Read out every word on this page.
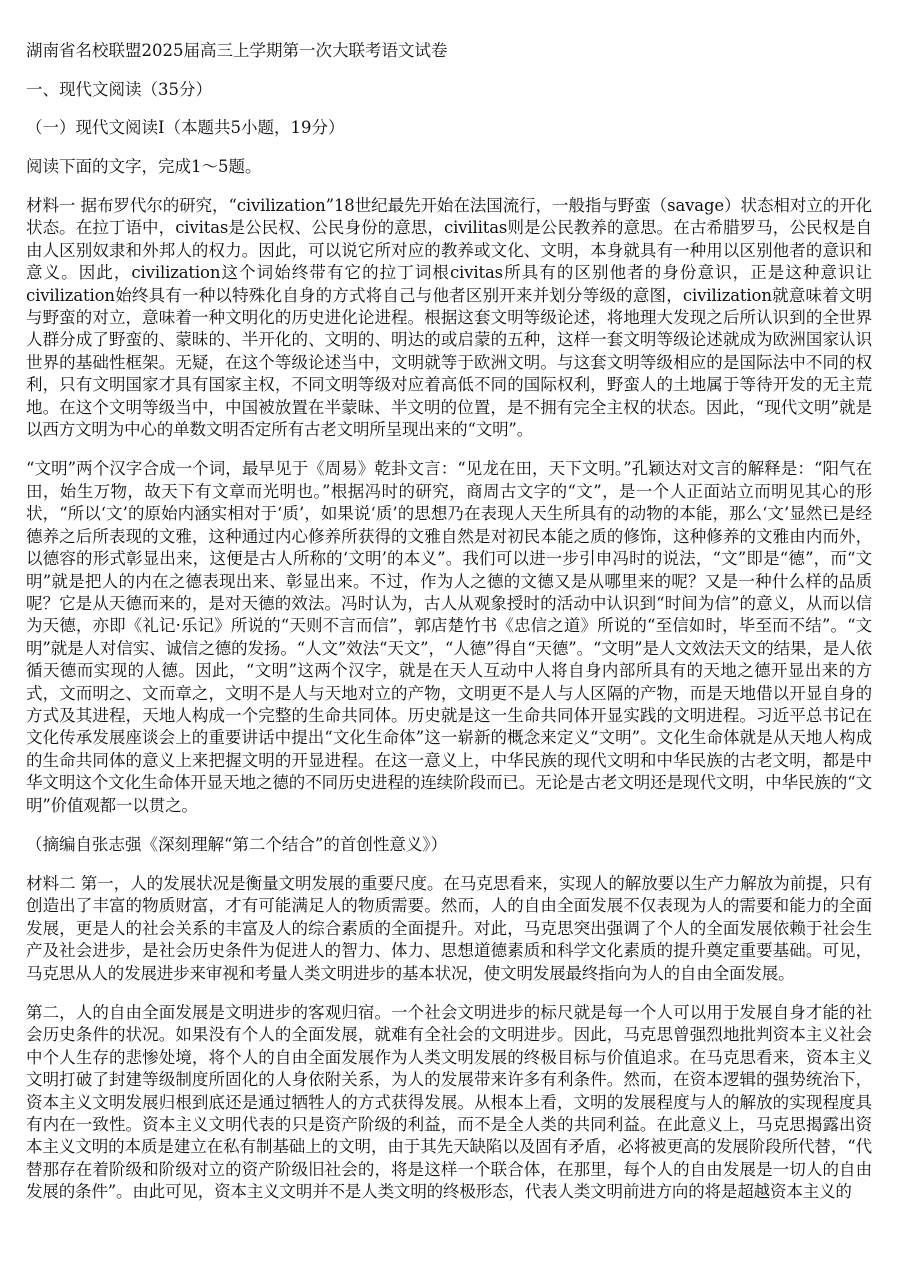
湖南省名校联盟2025届高三上学期第一次大联考语文试卷

一、现代文阅读（35分）

（一）现代文阅读I（本题共5小题，19分）

阅读下面的文字，完成1～5题。

材料一 据布罗代尔的研究，“civilization”18世纪最先开始在法国流行，一般指与野蛮（savage）状态相对立的开化状态。在拉丁语中，civitas是公民权、公民身份的意思，civilitas则是公民教养的意思。在古希腊罗马，公民权是自由人区别奴隶和外邦人的权力。因此，可以说它所对应的教养或文化、文明，本身就具有一种用以区别他者的意识和意义。因此，civilization这个词始终带有它的拉丁词根civitas所具有的区别他者的身份意识，正是这种意识让civilization始终具有一种以特殊化自身的方式将自己与他者区别开来并划分等级的意图，civilization就意味着文明与野蛮的对立，意味着一种文明化的历史进化论进程。根据这套文明等级论述，将地理大发现之后所认识到的全世界人群分成了野蛮的、蒙昧的、半开化的、文明的、明达的或启蒙的五种，这样一套文明等级论述就成为欧洲国家认识世界的基础性框架。无疑，在这个等级论述当中，文明就等于欧洲文明。与这套文明等级相应的是国际法中不同的权利，只有文明国家才具有国家主权，不同文明等级对应着高低不同的国际权利，野蛮人的土地属于等待开发的无主荒地。在这个文明等级当中，中国被放置在半蒙昧、半文明的位置，是不拥有完全主权的状态。因此，“现代文明”就是以西方文明为中心的单数文明否定所有古老文明所呈现出来的“文明”。

“文明”两个汉字合成一个词，最早见于《周易》乾卦文言：“见龙在田，天下文明。”孔颖达对文言的解释是：“阳气在田，始生万物，故天下有文章而光明也。”根据冯时的研究，商周古文字的“文”，是一个人正面站立而明见其心的形状，“所以‘文’的原始内涵实相对于‘质’，如果说‘质’的思想乃在表现人天生所具有的动物的本能，那么‘文’显然已是经德养之后所表现的文雅，这种通过内心修养所获得的文雅自然是对初民本能之质的修饰，这种修养的文雅由内而外，以德容的形式彰显出来，这便是古人所称的‘文明’的本义”。我们可以进一步引申冯时的说法，“文”即是“德”，而“文明”就是把人的内在之德表现出来、彰显出来。不过，作为人之德的文德又是从哪里来的呢？又是一种什么样的品质呢？它是从天德而来的，是对天德的效法。冯时认为，古人从观象授时的活动中认识到“时间为信”的意义，从而以信为天德，亦即《礼记·乐记》所说的“天则不言而信”，郭店楚竹书《忠信之道》所说的“至信如时，毕至而不结”。“文明”就是人对信实、诚信之德的发扬。“人文”效法“天文”，“人德”得自“天德”。“文明”是人文效法天文的结果，是人依循天德而实现的人德。因此，“文明”这两个汉字，就是在天人互动中人将自身内部所具有的天地之德开显出来的方式，文而明之、文而章之，文明不是人与天地对立的产物，文明更不是人与人区隔的产物，而是天地借以开显自身的方式及其进程，天地人构成一个完整的生命共同体。历史就是这一生命共同体开显实践的文明进程。习近平总书记在文化传承发展座谈会上的重要讲话中提出“文化生命体”这一崭新的概念来定义“文明”。文化生命体就是从天地人构成的生命共同体的意义上来把握文明的开显进程。在这一意义上，中华民族的现代文明和中华民族的古老文明，都是中华文明这个文化生命体开显天地之德的不同历史进程的连续阶段而已。无论是古老文明还是现代文明，中华民族的“文明”价值观都一以贯之。

（摘编自张志强《深刻理解“第二个结合”的首创性意义》）

材料二 第一，人的发展状况是衡量文明发展的重要尺度。在马克思看来，实现人的解放要以生产力解放为前提，只有创造出了丰富的物质财富，才有可能满足人的物质需要。然而，人的自由全面发展不仅表现为人的需要和能力的全面发展，更是人的社会关系的丰富及人的综合素质的全面提升。对此，马克思突出强调了个人的全面发展依赖于社会生产及社会进步，是社会历史条件为促进人的智力、体力、思想道德素质和科学文化素质的提升奠定重要基础。可见，马克思从人的发展进步来审视和考量人类文明进步的基本状况，使文明发展最终指向为人的自由全面发展。

第二，人的自由全面发展是文明进步的客观归宿。一个社会文明进步的标尺就是每一个人可以用于发展自身才能的社会历史条件的状况。如果没有个人的全面发展，就难有全社会的文明进步。因此，马克思曾强烈地批判资本主义社会中个人生存的悲惨处境，将个人的自由全面发展作为人类文明发展的终极目标与价值追求。在马克思看来，资本主义文明打破了封建等级制度所固化的人身依附关系，为人的发展带来许多有利条件。然而，在资本逻辑的强势统治下，资本主义文明发展归根到底还是通过牺牲人的方式获得发展。从根本上看，文明的发展程度与人的解放的实现程度具有内在一致性。资本主义文明代表的只是资产阶级的利益，而不是全人类的共同利益。在此意义上，马克思揭露出资本主义文明的本质是建立在私有制基础上的文明，由于其先天缺陷以及固有矛盾，必将被更高的发展阶段所代替，“代替那存在着阶级和阶级对立的资产阶级旧社会的，将是这样一个联合体，在那里，每个人的自由发展是一切人的自由发展的条件”。由此可见，资本主义文明并不是人类文明的终极形态，代表人类文明前进方向的将是超越资本主义的
